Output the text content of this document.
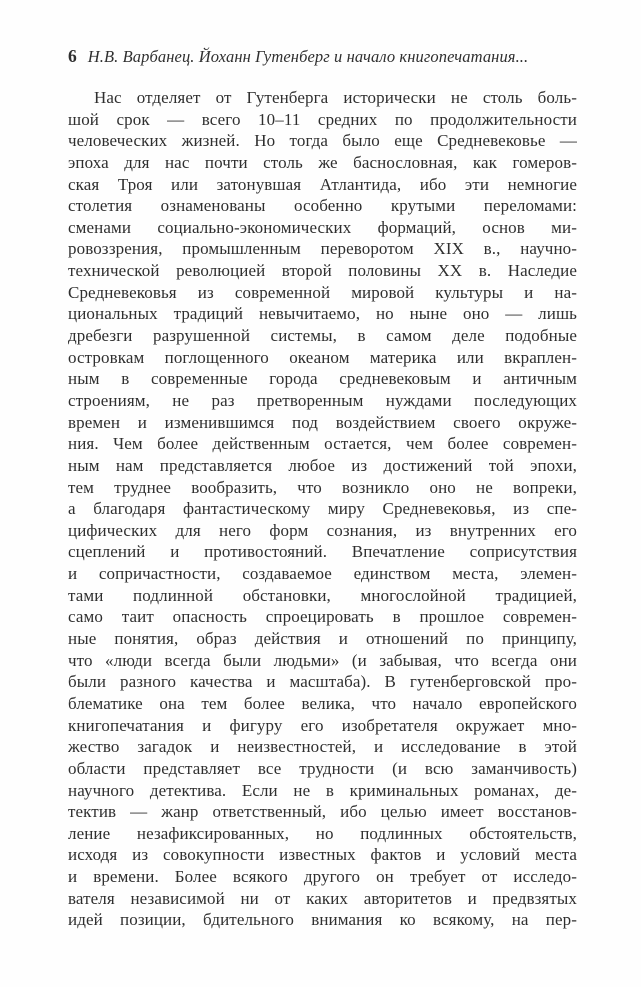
6 Н.В. Варбанец. Йоханн Гутенберг и начало книгопечатания...
Нас отделяет от Гутенберга исторически не столь боль-
шой срок — всего 10–11 средних по продолжительности
человеческих жизней. Но тогда было еще Средневековье —
эпоха для нас почти столь же баснословная, как гомеров-
ская Троя или затонувшая Атлантида, ибо эти немногие
столетия ознаменованы особенно крутыми переломами:
сменами социально-экономических формаций, основ ми-
ровоззрения, промышленным переворотом XIX в., научно-
технической революцией второй половины XX в. Наследие
Средневековья из современной мировой культуры и на-
циональных традиций невычитаемо, но ныне оно — лишь
дребезги разрушенной системы, в самом деле подобные
островкам поглощенного океаном материка или вкраплен-
ным в современные города средневековым и античным
строениям, не раз претворенным нуждами последующих
времен и изменившимся под воздействием своего окруже-
ния. Чем более действенным остается, чем более современ-
ным нам представляется любое из достижений той эпохи,
тем труднее вообразить, что возникло оно не вопреки,
а благодаря фантастическому миру Средневековья, из спе-
цифических для него форм сознания, из внутренних его
сцеплений и противостояний. Впечатление соприсутствия
и сопричастности, создаваемое единством места, элемен-
тами подлинной обстановки, многослойной традицией,
само таит опасность спроецировать в прошлое современ-
ные понятия, образ действия и отношений по принципу,
что «люди всегда были людьми» (и забывая, что всегда они
были разного качества и масштаба). В гутенберговской про-
блематике она тем более велика, что начало европейского
книгопечатания и фигуру его изобретателя окружает мно-
жество загадок и неизвестностей, и исследование в этой
области представляет все трудности (и всю заманчивость)
научного детектива. Если не в криминальных романах, де-
тектив — жанр ответственный, ибо целью имеет восстанов-
ление незафиксированных, но подлинных обстоятельств,
исходя из совокупности известных фактов и условий места
и времени. Более всякого другого он требует от исследо-
вателя независимой ни от каких авторитетов и предвзятых
идей позиции, бдительного внимания ко всякому, на пер-
